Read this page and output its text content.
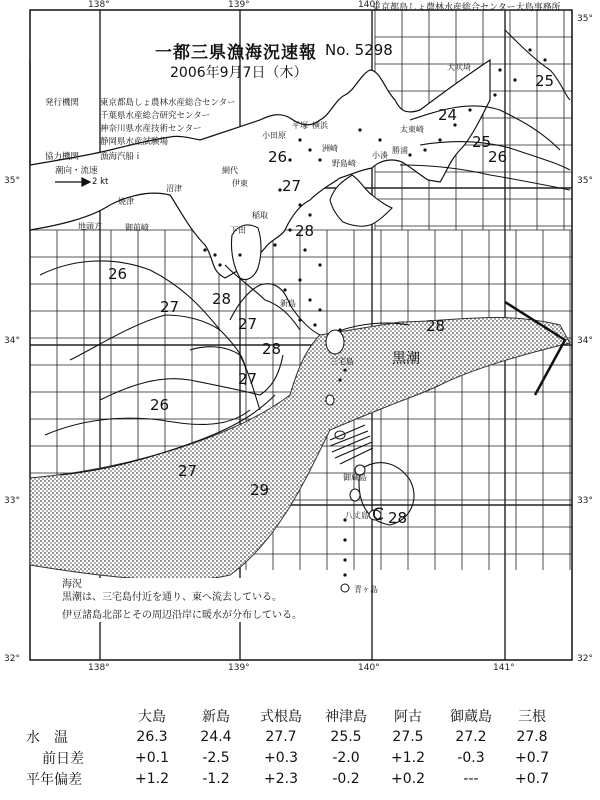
東京都島しょ農林水産総合センター大島事務所
一都三県漁海況速報 No. 5298
2006年9月7日（木）
発行機関 東京都島しょ農林水産総合センター
千葉県水産総合研究センター
神奈川県水産技術センター
静岡県水産試験場
協力機関 漁海汽船 i
潮向・流速
2 kt
138°	139°	140°
138°	139°	140°	141°
35°
34°
33°
32°
35°
34°
33°
32°
35°
犬吠埼
太東崎
勝浦
小湊
平塚
小田原
横浜
洲崎
野島崎
網代
伊東
沼津
稲取
下田
焼津
御前崎
地頭方
新島
三宅島
御蔵島
八丈島
青ヶ島
25
24
25
26
26
27
28
26
27 28
27
28
27
28
26
27
29
28
黒潮
C
海況
黒潮は、三宅島付近を通り、東へ流去している。
伊豆諸島北部とその周辺沿岸に暖水が分布している。
	大島	新島	式根島	神津島	阿古	御蔵島	三根
水　温	26.3	24.4	27.7	25.5	27.5	27.2	27.8
前日差	+0.1	-2.5	+0.3	-2.0	+1.2	-0.3	+0.7
平年偏差	+1.2	-1.2	+2.3	-0.2	+0.2	---	+0.7
